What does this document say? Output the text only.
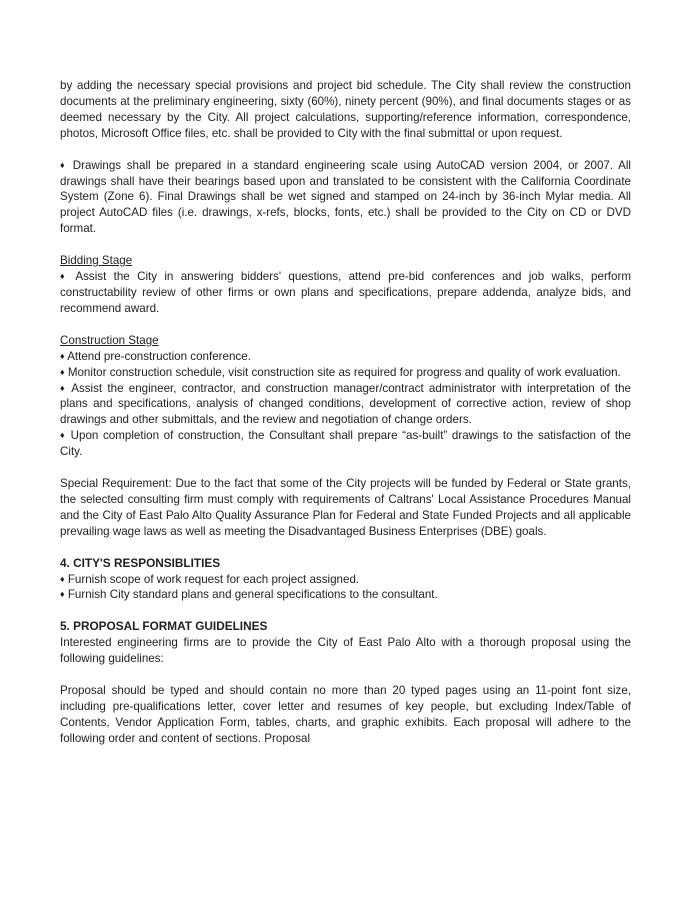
by adding the necessary special provisions and project bid schedule. The City shall review the construction documents at the preliminary engineering, sixty (60%), ninety percent (90%), and final documents stages or as deemed necessary by the City. All project calculations, supporting/reference information, correspondence, photos, Microsoft Office files, etc. shall be provided to City with the final submittal or upon request.

♦ Drawings shall be prepared in a standard engineering scale using AutoCAD version 2004, or 2007. All drawings shall have their bearings based upon and translated to be consistent with the California Coordinate System (Zone 6). Final Drawings shall be wet signed and stamped on 24-inch by 36-inch Mylar media. All project AutoCAD files (i.e. drawings, x-refs, blocks, fonts, etc.) shall be provided to the City on CD or DVD format.

Bidding Stage

♦ Assist the City in answering bidders' questions, attend pre-bid conferences and job walks, perform constructability review of other firms or own plans and specifications, prepare addenda, analyze bids, and recommend award.

Construction Stage

♦ Attend pre-construction conference.

♦ Monitor construction schedule, visit construction site as required for progress and quality of work evaluation.

♦ Assist the engineer, contractor, and construction manager/contract administrator with interpretation of the plans and specifications, analysis of changed conditions, development of corrective action, review of shop drawings and other submittals, and the review and negotiation of change orders.

♦ Upon completion of construction, the Consultant shall prepare “as-built” drawings to the satisfaction of the City.

Special Requirement: Due to the fact that some of the City projects will be funded by Federal or State grants, the selected consulting firm must comply with requirements of Caltrans' Local Assistance Procedures Manual and the City of East Palo Alto Quality Assurance Plan for Federal and State Funded Projects and all applicable prevailing wage laws as well as meeting the Disadvantaged Business Enterprises (DBE) goals.

4. CITY'S RESPONSIBLITIES

♦ Furnish scope of work request for each project assigned.

♦ Furnish City standard plans and general specifications to the consultant.

5. PROPOSAL FORMAT GUIDELINES

Interested engineering firms are to provide the City of East Palo Alto with a thorough proposal using the following guidelines:

Proposal should be typed and should contain no more than 20 typed pages using an 11-point font size, including pre-qualifications letter, cover letter and resumes of key people, but excluding Index/Table of Contents, Vendor Application Form, tables, charts, and graphic exhibits. Each proposal will adhere to the following order and content of sections. Proposal
